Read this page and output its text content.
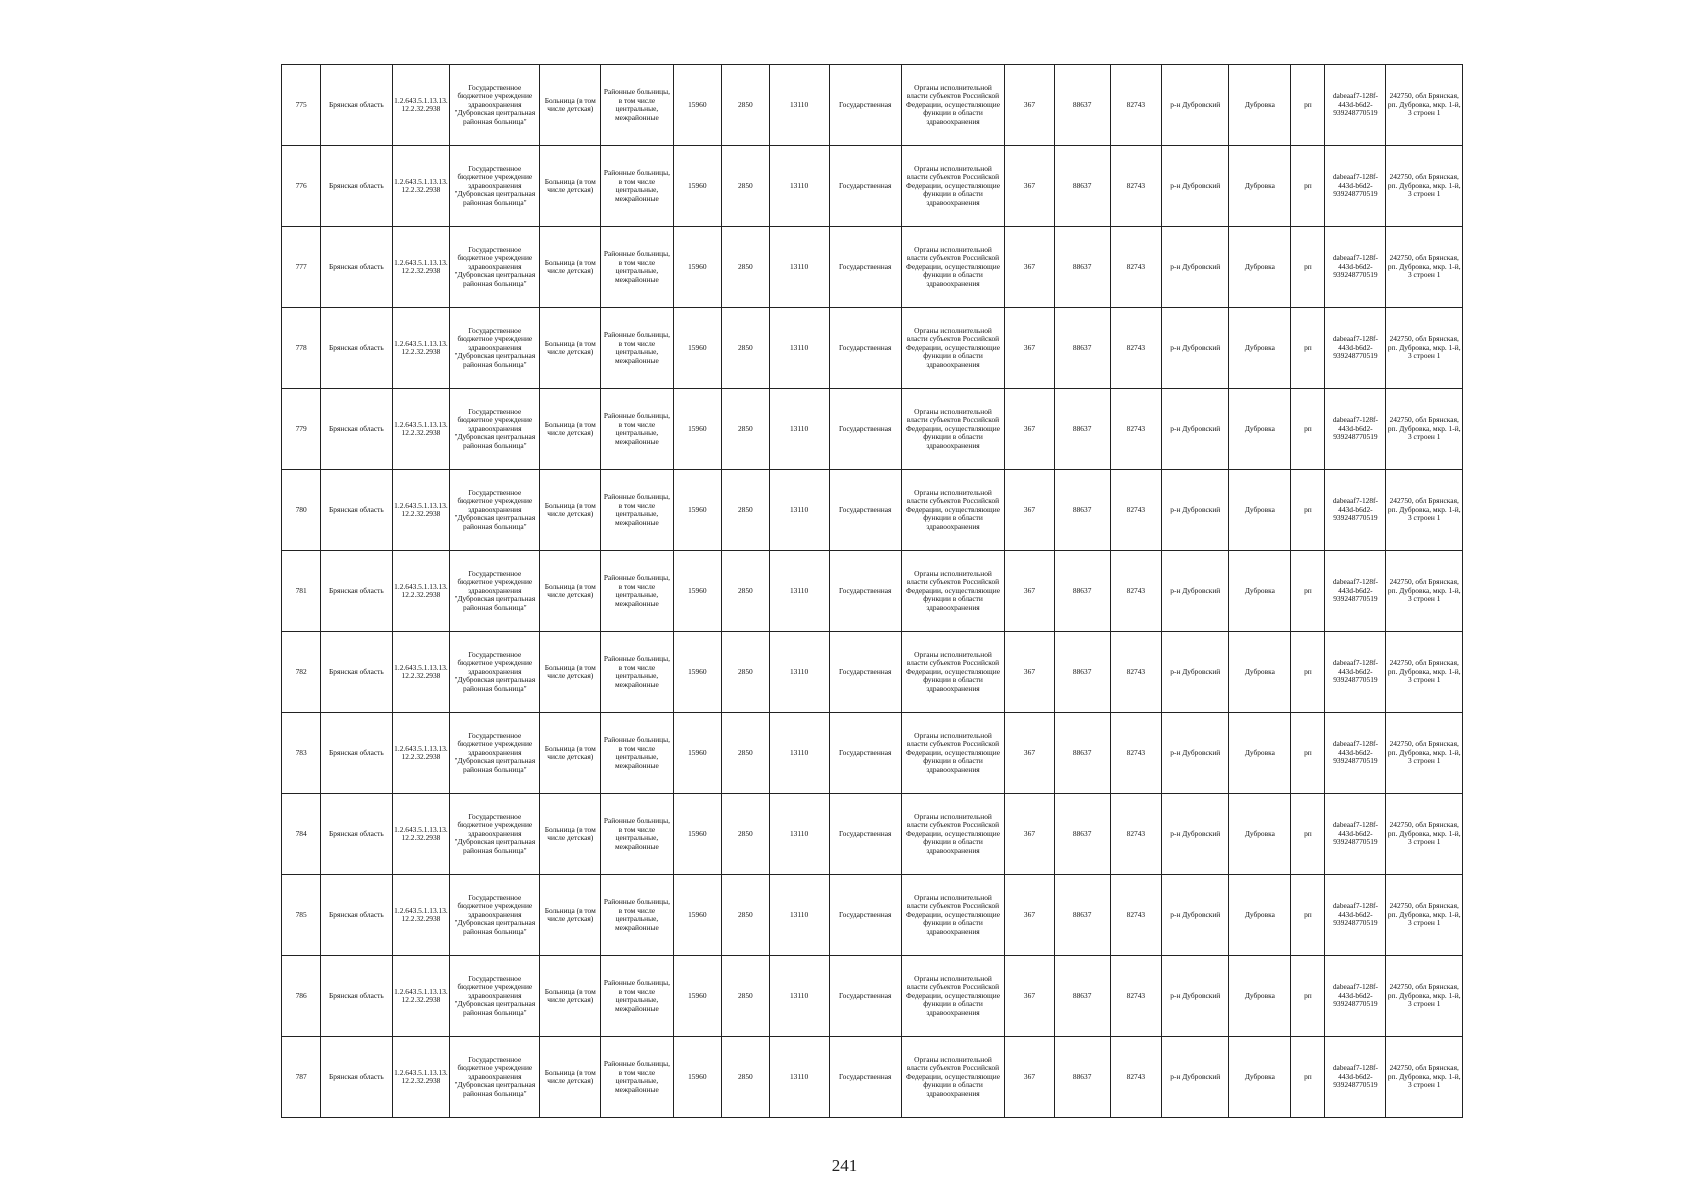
775	Брянская область	1.2.643.5.1.13.13.12.2.32.2938	Государственное бюджетное учреждение здравоохранения "Дубровская центральная районная больница"	Больница (в том числе детская)	Районные больницы, в том числе центральные, межрайонные	15960	2850	13110	Государственная	Органы исполнительной власти субъектов Российской Федерации, осуществляющие функции в области здравоохранения	367	88637	82743	р-н Дубровский	Дубровка	рп	dabeaaf7-128f-443d-b6d2-939248770519	242750, обл Брянская, рп. Дубровка, мкр. 1-й, 3 строен 1
776	Брянская область	1.2.643.5.1.13.13.12.2.32.2938	Государственное бюджетное учреждение здравоохранения "Дубровская центральная районная больница"	Больница (в том числе детская)	Районные больницы, в том числе центральные, межрайонные	15960	2850	13110	Государственная	Органы исполнительной власти субъектов Российской Федерации, осуществляющие функции в области здравоохранения	367	88637	82743	р-н Дубровский	Дубровка	рп	dabeaaf7-128f-443d-b6d2-939248770519	242750, обл Брянская, рп. Дубровка, мкр. 1-й, 3 строен 1
777	Брянская область	1.2.643.5.1.13.13.12.2.32.2938	Государственное бюджетное учреждение здравоохранения "Дубровская центральная районная больница"	Больница (в том числе детская)	Районные больницы, в том числе центральные, межрайонные	15960	2850	13110	Государственная	Органы исполнительной власти субъектов Российской Федерации, осуществляющие функции в области здравоохранения	367	88637	82743	р-н Дубровский	Дубровка	рп	dabeaaf7-128f-443d-b6d2-939248770519	242750, обл Брянская, рп. Дубровка, мкр. 1-й, 3 строен 1
778	Брянская область	1.2.643.5.1.13.13.12.2.32.2938	Государственное бюджетное учреждение здравоохранения "Дубровская центральная районная больница"	Больница (в том числе детская)	Районные больницы, в том числе центральные, межрайонные	15960	2850	13110	Государственная	Органы исполнительной власти субъектов Российской Федерации, осуществляющие функции в области здравоохранения	367	88637	82743	р-н Дубровский	Дубровка	рп	dabeaaf7-128f-443d-b6d2-939248770519	242750, обл Брянская, рп. Дубровка, мкр. 1-й, 3 строен 1
779	Брянская область	1.2.643.5.1.13.13.12.2.32.2938	Государственное бюджетное учреждение здравоохранения "Дубровская центральная районная больница"	Больница (в том числе детская)	Районные больницы, в том числе центральные, межрайонные	15960	2850	13110	Государственная	Органы исполнительной власти субъектов Российской Федерации, осуществляющие функции в области здравоохранения	367	88637	82743	р-н Дубровский	Дубровка	рп	dabeaaf7-128f-443d-b6d2-939248770519	242750, обл Брянская, рп. Дубровка, мкр. 1-й, 3 строен 1
780	Брянская область	1.2.643.5.1.13.13.12.2.32.2938	Государственное бюджетное учреждение здравоохранения "Дубровская центральная районная больница"	Больница (в том числе детская)	Районные больницы, в том числе центральные, межрайонные	15960	2850	13110	Государственная	Органы исполнительной власти субъектов Российской Федерации, осуществляющие функции в области здравоохранения	367	88637	82743	р-н Дубровский	Дубровка	рп	dabeaaf7-128f-443d-b6d2-939248770519	242750, обл Брянская, рп. Дубровка, мкр. 1-й, 3 строен 1
781	Брянская область	1.2.643.5.1.13.13.12.2.32.2938	Государственное бюджетное учреждение здравоохранения "Дубровская центральная районная больница"	Больница (в том числе детская)	Районные больницы, в том числе центральные, межрайонные	15960	2850	13110	Государственная	Органы исполнительной власти субъектов Российской Федерации, осуществляющие функции в области здравоохранения	367	88637	82743	р-н Дубровский	Дубровка	рп	dabeaaf7-128f-443d-b6d2-939248770519	242750, обл Брянская, рп. Дубровка, мкр. 1-й, 3 строен 1
782	Брянская область	1.2.643.5.1.13.13.12.2.32.2938	Государственное бюджетное учреждение здравоохранения "Дубровская центральная районная больница"	Больница (в том числе детская)	Районные больницы, в том числе центральные, межрайонные	15960	2850	13110	Государственная	Органы исполнительной власти субъектов Российской Федерации, осуществляющие функции в области здравоохранения	367	88637	82743	р-н Дубровский	Дубровка	рп	dabeaaf7-128f-443d-b6d2-939248770519	242750, обл Брянская, рп. Дубровка, мкр. 1-й, 3 строен 1
783	Брянская область	1.2.643.5.1.13.13.12.2.32.2938	Государственное бюджетное учреждение здравоохранения "Дубровская центральная районная больница"	Больница (в том числе детская)	Районные больницы, в том числе центральные, межрайонные	15960	2850	13110	Государственная	Органы исполнительной власти субъектов Российской Федерации, осуществляющие функции в области здравоохранения	367	88637	82743	р-н Дубровский	Дубровка	рп	dabeaaf7-128f-443d-b6d2-939248770519	242750, обл Брянская, рп. Дубровка, мкр. 1-й, 3 строен 1
784	Брянская область	1.2.643.5.1.13.13.12.2.32.2938	Государственное бюджетное учреждение здравоохранения "Дубровская центральная районная больница"	Больница (в том числе детская)	Районные больницы, в том числе центральные, межрайонные	15960	2850	13110	Государственная	Органы исполнительной власти субъектов Российской Федерации, осуществляющие функции в области здравоохранения	367	88637	82743	р-н Дубровский	Дубровка	рп	dabeaaf7-128f-443d-b6d2-939248770519	242750, обл Брянская, рп. Дубровка, мкр. 1-й, 3 строен 1
785	Брянская область	1.2.643.5.1.13.13.12.2.32.2938	Государственное бюджетное учреждение здравоохранения "Дубровская центральная районная больница"	Больница (в том числе детская)	Районные больницы, в том числе центральные, межрайонные	15960	2850	13110	Государственная	Органы исполнительной власти субъектов Российской Федерации, осуществляющие функции в области здравоохранения	367	88637	82743	р-н Дубровский	Дубровка	рп	dabeaaf7-128f-443d-b6d2-939248770519	242750, обл Брянская, рп. Дубровка, мкр. 1-й, 3 строен 1
786	Брянская область	1.2.643.5.1.13.13.12.2.32.2938	Государственное бюджетное учреждение здравоохранения "Дубровская центральная районная больница"	Больница (в том числе детская)	Районные больницы, в том числе центральные, межрайонные	15960	2850	13110	Государственная	Органы исполнительной власти субъектов Российской Федерации, осуществляющие функции в области здравоохранения	367	88637	82743	р-н Дубровский	Дубровка	рп	dabeaaf7-128f-443d-b6d2-939248770519	242750, обл Брянская, рп. Дубровка, мкр. 1-й, 3 строен 1
787	Брянская область	1.2.643.5.1.13.13.12.2.32.2938	Государственное бюджетное учреждение здравоохранения "Дубровская центральная районная больница"	Больница (в том числе детская)	Районные больницы, в том числе центральные, межрайонные	15960	2850	13110	Государственная	Органы исполнительной власти субъектов Российской Федерации, осуществляющие функции в области здравоохранения	367	88637	82743	р-н Дубровский	Дубровка	рп	dabeaaf7-128f-443d-b6d2-939248770519	242750, обл Брянская, рп. Дубровка, мкр. 1-й, 3 строен 1
241
